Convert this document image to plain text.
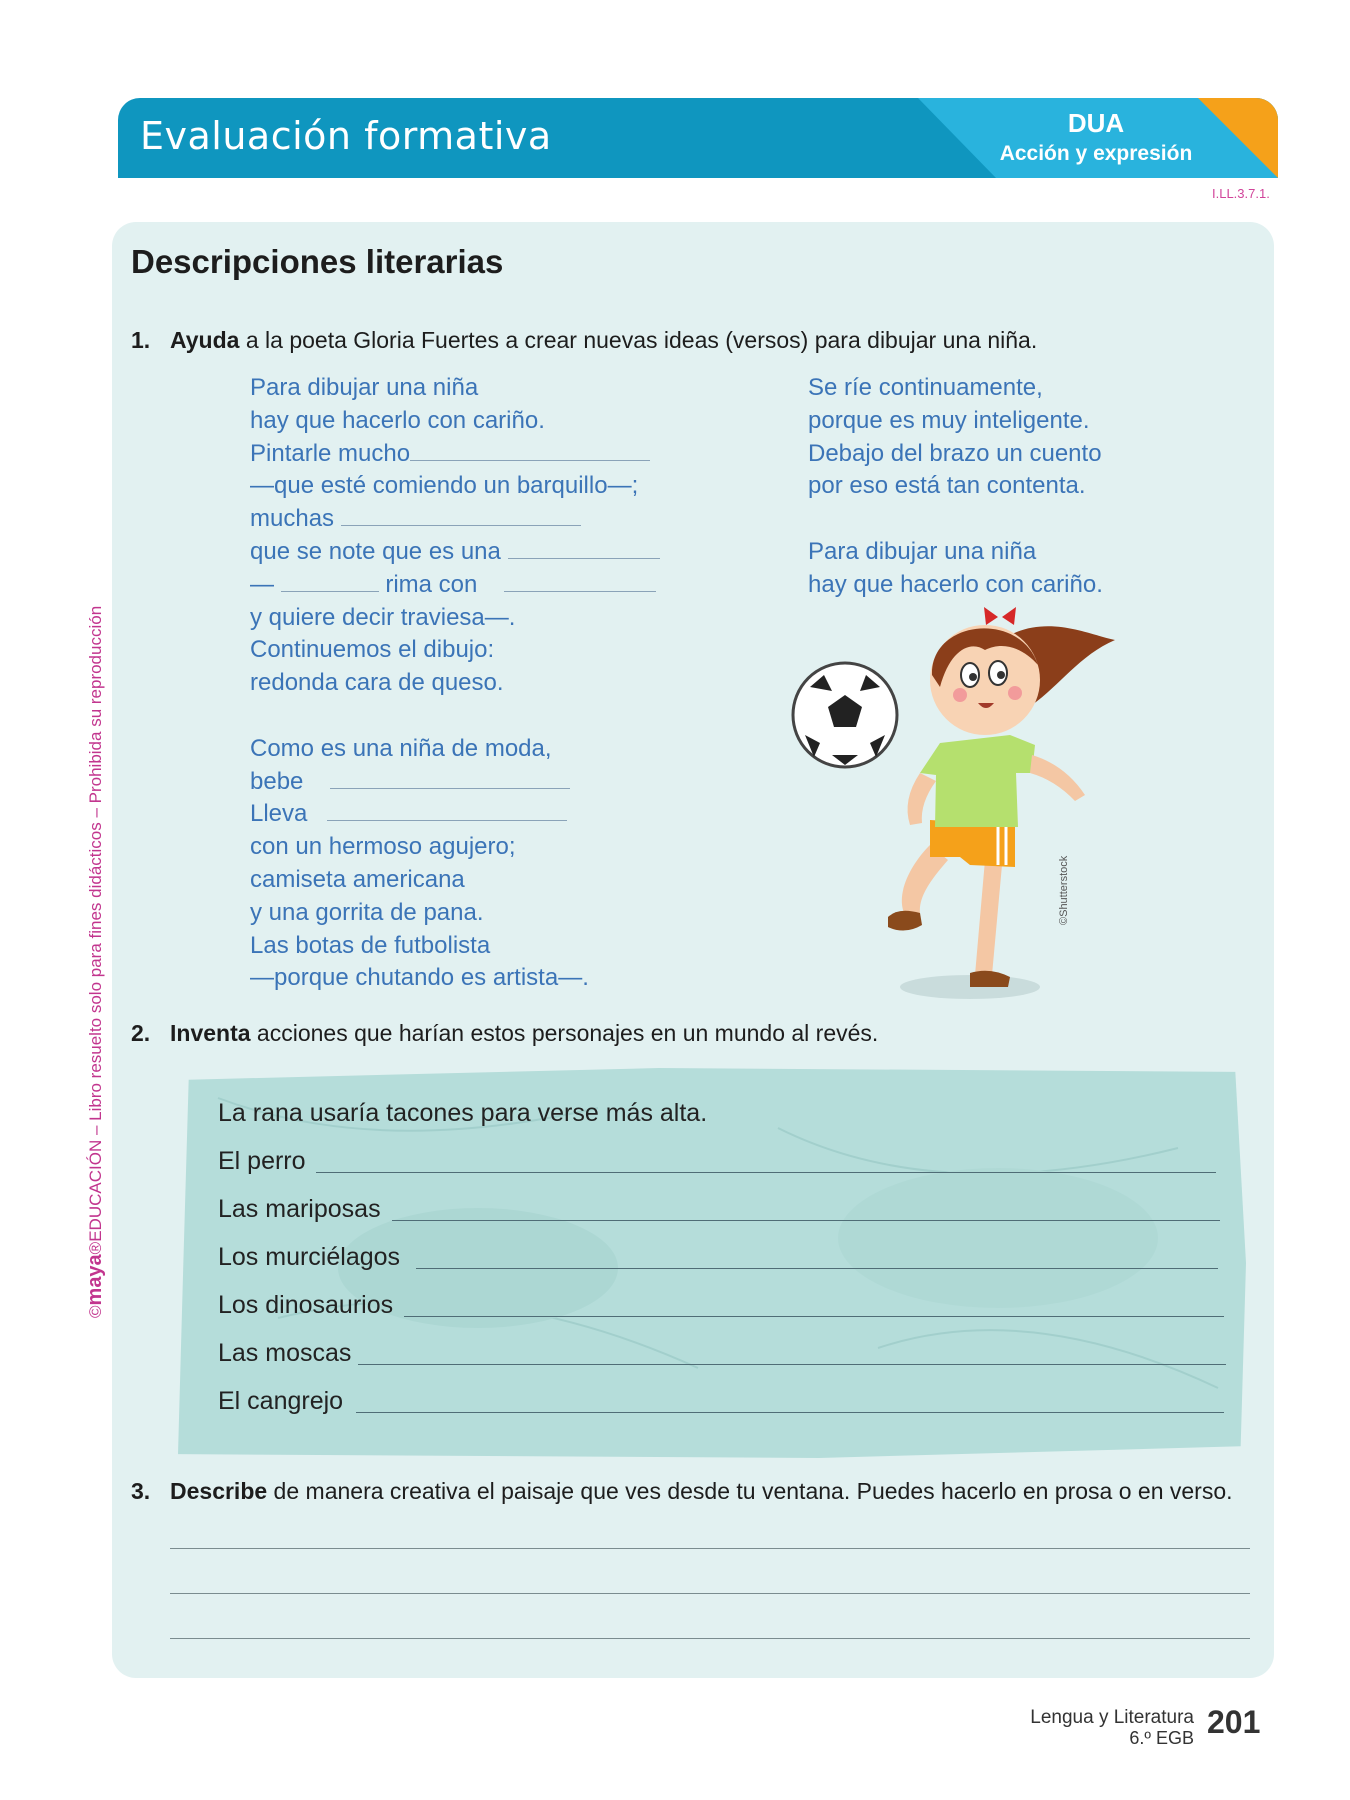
Evaluación formativa	DUA
Acción y expresión
I.LL.3.7.1.
©maya®EDUCACIÓN – Libro resuelto solo para fines didácticos – Prohibida su reproducción
Descripciones literarias
1. Ayuda a la poeta Gloria Fuertes a crear nuevas ideas (versos) para dibujar una niña.
Para dibujar una niña
hay que hacerlo con cariño.
Pintarle mucho
—que esté comiendo un barquillo—;
muchas
que se note que es una
—	rima con
y quiere decir traviesa—.
Continuemos el dibujo:
redonda cara de queso.
Como es una niña de moda,
bebe
Lleva
con un hermoso agujero;
camiseta americana
y una gorrita de pana.
Las botas de futbolista
—porque chutando es artista—.
Se ríe continuamente,
porque es muy inteligente.
Debajo del brazo un cuento
por eso está tan contenta.
Para dibujar una niña
hay que hacerlo con cariño.
©Shutterstock
2. Inventa acciones que harían estos personajes en un mundo al revés.
La rana usaría tacones para verse más alta.
El perro
Las mariposas
Los murciélagos
Los dinosaurios
Las moscas
El cangrejo
3. Describe de manera creativa el paisaje que ves desde tu ventana. Puedes hacerlo en prosa o en verso.
Lengua y Literatura
6.º EGB 201
